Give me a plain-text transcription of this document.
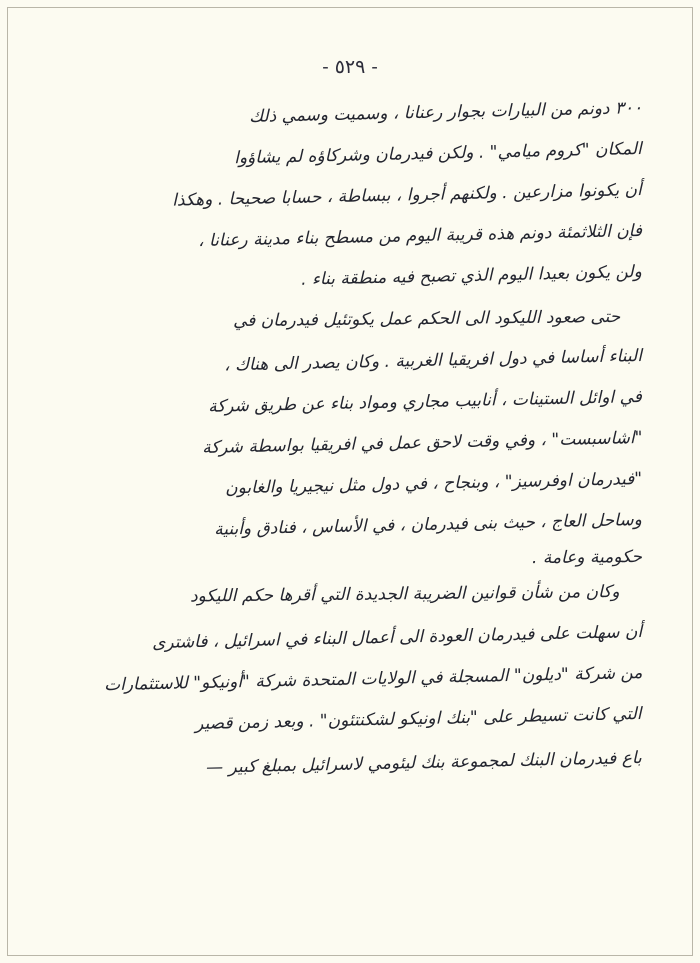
- ٥٢٩ -
٣٠٠ دونم من البيارات بجوار رعنانا ، وسميت وسمي ذلك
المكان "كروم ميامي" . ولكن فيدرمان وشركاؤه لم يشاؤوا
أن يكونوا مزارعين . ولكنهم أجروا ، ببساطة ، حسابا صحيحا . وهكذا
فإن الثلاثمئة دونم هذه قريبة اليوم من مسطح بناء مدينة رعنانا ،
ولن يكون بعيدا اليوم الذي تصبح فيه منطقة بناء .
حتى صعود الليكود الى الحكم عمل يكوتئيل فيدرمان في
البناء أساسا في دول افريقيا الغربية . وكان يصدر الى هناك ،
في اوائل الستينات ، أنابيب مجاري ومواد بناء عن طريق شركة
"اشاسبست" ، وفي وقت لاحق عمل في افريقيا بواسطة شركة
"فيدرمان اوفرسيز" ، وبنجاح ، في دول مثل نيجيريا والغابون
وساحل العاج ، حيث بنى فيدرمان ، في الأساس ، فنادق وأبنية
حكومية وعامة .
وكان من شأن قوانين الضريبة الجديدة التي أقرها حكم الليكود
أن سهلت على فيدرمان العودة الى أعمال البناء في اسرائيل ، فاشترى
من شركة "ديلون" المسجلة في الولايات المتحدة شركة "أونيكو" للاستثمارات
التي كانت تسيطر على "بنك اونيكو لشكنتئون" . وبعد زمن قصير
باع فيدرمان البنك لمجموعة بنك ليئومي لاسرائيل بمبلغ كبير —
